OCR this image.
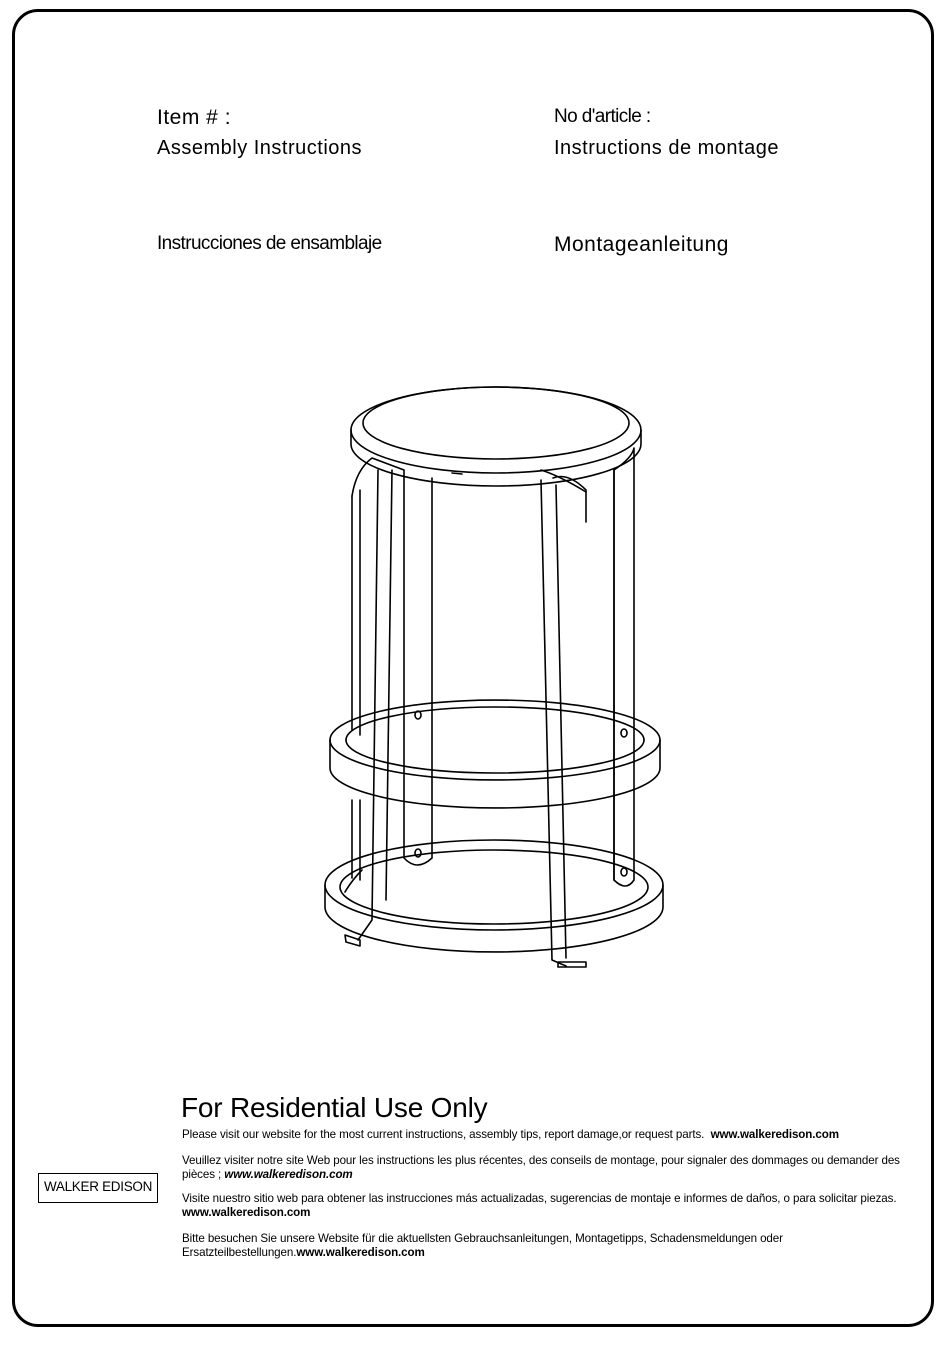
Item # :
Assembly Instructions
No d'article :
Instructions de montage
Instrucciones de ensamblaje	Montageanleitung
WALKER EDISON
For Residential Use Only
Please visit our website for the most current instructions, assembly tips, report damage,or request parts. www.walkeredison.com
Veuillez visiter notre site Web pour les instructions les plus récentes, des conseils de montage, pour signaler des dommages ou demander des pièces ; www.walkeredison.com
Visite nuestro sitio web para obtener las instrucciones más actualizadas, sugerencias de montaje e informes de daños, o para solicitar piezas. www.walkeredison.com
Bitte besuchen Sie unsere Website für die aktuellsten Gebrauchsanleitungen, Montagetipps, Schadensmeldungen oder Ersatzteilbestellungen.www.walkeredison.com
